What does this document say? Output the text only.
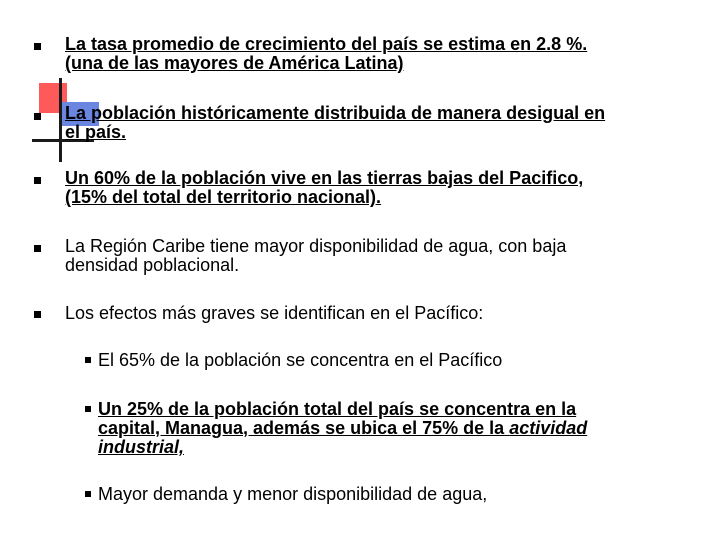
La tasa promedio de crecimiento del país se estima en 2.8 %.
(una de las mayores de América Latina)
La población históricamente distribuida de manera desigual en
el país.
Un 60% de la población vive en las tierras bajas del Pacifico,
(15% del total del territorio nacional).
La Región Caribe tiene mayor disponibilidad de agua, con baja
densidad poblacional.
Los efectos más graves se identifican en el Pacífico:
El 65% de la población se concentra en el Pacífico
Un 25% de la población total del país se concentra en la
capital, Managua, además se ubica el 75% de la actividad
industrial,
Mayor demanda y menor disponibilidad de agua,
